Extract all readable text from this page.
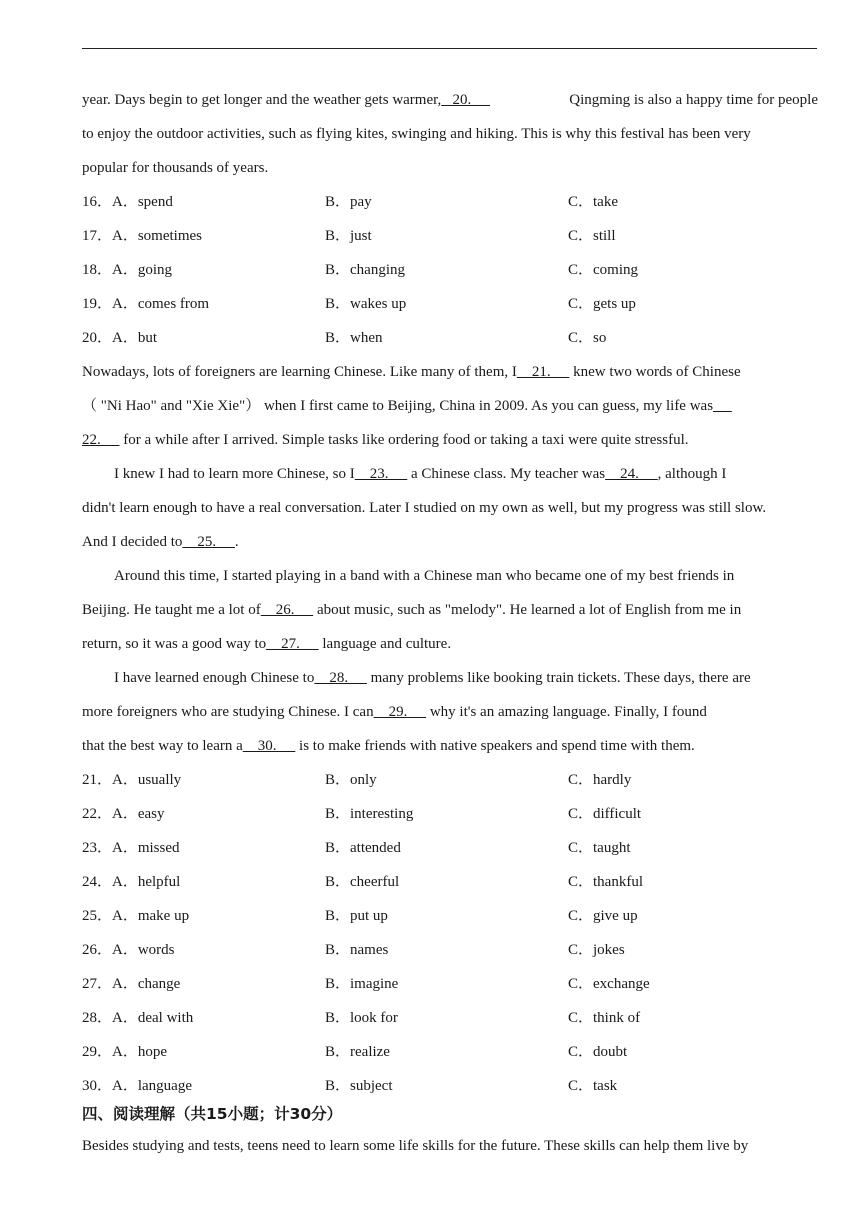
year. Days begin to get longer and the weather gets warmer,   20.	Qingming is also a happy time for people
to enjoy the outdoor activities, such as flying kites, swinging and hiking. This is why this festival has been very
popular for thousands of years.
16．A．spend	B．pay	C．take
17．A．sometimes	B．just	C．still
18．A．going	B．changing	C．coming
19．A．comes from	B．wakes up	C．gets up
20．A．but	B．when	C．so
Nowadays, lots of foreigners are learning Chinese. Like many of them, I    21.      knew two words of Chinese
（ "Ni Hao" and "Xie Xie"） when I first came to Beijing, China in 2009. As you can guess, my life was
22.      for a while after I arrived. Simple tasks like ordering food or taking a taxi were quite stressful.
I knew I had to learn more Chinese, so I    23.      a Chinese class. My teacher was    24.     , although I
didn't learn enough to have a real conversation. Later I studied on my own as well, but my progress was still slow.
And I decided to    25.     .
Around this time, I started playing in a band with a Chinese man who became one of my best friends in
Beijing. He taught me a lot of    26.      about music, such as "melody". He learned a lot of English from me in
return, so it was a good way to    27.      language and culture.
I have learned enough Chinese to    28.      many problems like booking train tickets. These days, there are
more foreigners who are studying Chinese. I can    29.      why it's an amazing language. Finally, I found
that the best way to learn a    30.      is to make friends with native speakers and spend time with them.
21．A．usually	B．only	C．hardly
22．A．easy	B．interesting	C．difficult
23．A．missed	B．attended	C．taught
24．A．helpful	B．cheerful	C．thankful
25．A．make up	B．put up	C．give up
26．A．words	B．names	C．jokes
27．A．change	B．imagine	C．exchange
28．A．deal with	B．look for	C．think of
29．A．hope	B．realize	C．doubt
30．A．language	B．subject	C．task
四、阅读理解（共15小题；计30分）
Besides studying and tests, teens need to learn some life skills for the future. These skills can help them live by
